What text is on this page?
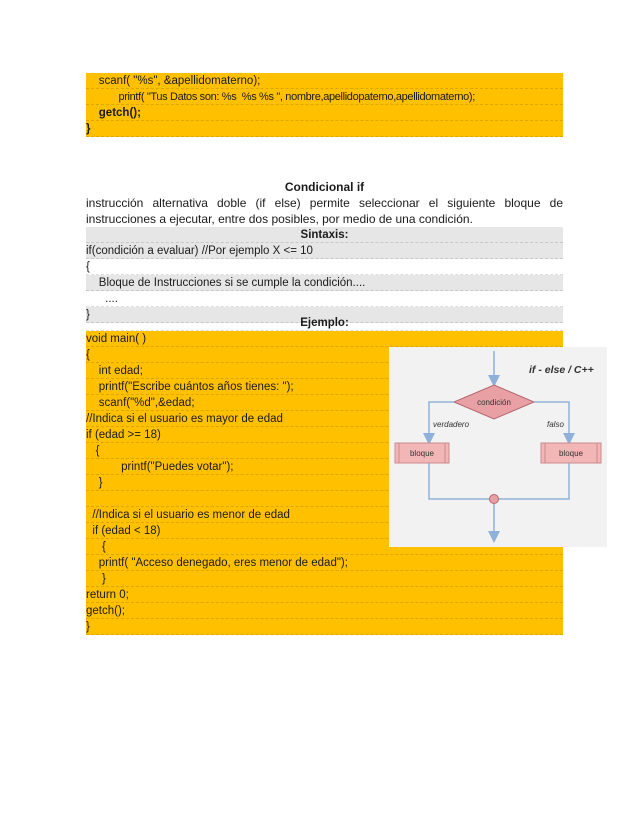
scanf( "%s", &apellidomaterno);
printf( "Tus Datos son: %s  %s %s ", nombre,apellidopaterno,apellidomaterno);
getch();
}
Condicional if
instrucción alternativa doble (if else) permite seleccionar el siguiente bloque de
instrucciones a ejecutar, entre dos posibles, por medio de una condición.
Sintaxis:
if(condición a evaluar) //Por ejemplo X <= 10
{
Bloque de Instrucciones si se cumple la condición....
....
}
Ejemplo:
void main( )
{
int edad;
printf("Escribe cuántos años tienes: ");
scanf("%d",&edad;
//Indica si el usuario es mayor de edad
if (edad >= 18)
{
printf("Puedes votar");
}
//Indica si el usuario es menor de edad
if (edad < 18)
{
printf( "Acceso denegado, eres menor de edad");
}
return 0;
getch();
}
if - else / C++
condición
verdadero	falso
bloque	bloque
